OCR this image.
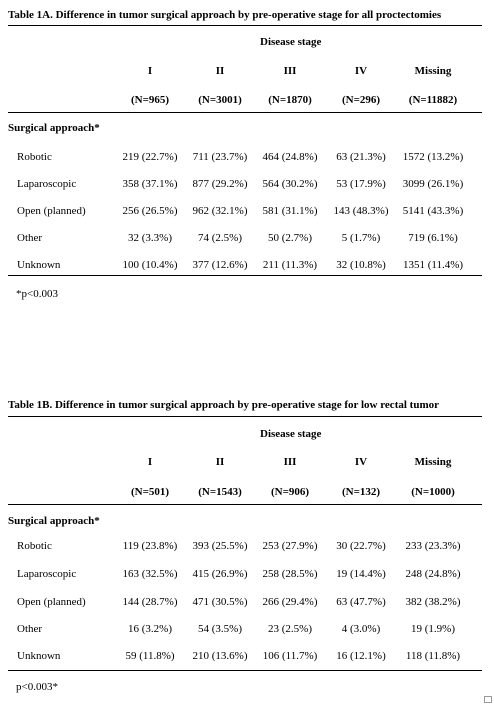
Table 1A. Difference in tumor surgical approach by pre-operative stage for all proctectomies
Disease stage
I	II	III	IV	Missing
(N=965)	(N=3001)	(N=1870)	(N=296)	(N=11882)
Surgical approach*
Robotic	219 (22.7%)	711 (23.7%)	464 (24.8%)	63 (21.3%)	1572 (13.2%)
Laparoscopic	358 (37.1%)	877 (29.2%)	564 (30.2%)	53 (17.9%)	3099 (26.1%)
Open (planned)	256 (26.5%)	962 (32.1%)	581 (31.1%)	143 (48.3%)	5141 (43.3%)
Other	32 (3.3%)	74 (2.5%)	50 (2.7%)	5 (1.7%)	719 (6.1%)
Unknown	100 (10.4%)	377 (12.6%)	211 (11.3%)	32 (10.8%)	1351 (11.4%)
*p<0.003
Table 1B. Difference in tumor surgical approach by pre-operative stage for low rectal tumor
Disease stage
I	II	III	IV	Missing
(N=501)	(N=1543)	(N=906)	(N=132)	(N=1000)
Surgical approach*
Robotic	119 (23.8%)	393 (25.5%)	253 (27.9%)	30 (22.7%)	233 (23.3%)
Laparoscopic	163 (32.5%)	415 (26.9%)	258 (28.5%)	19 (14.4%)	248 (24.8%)
Open (planned)	144 (28.7%)	471 (30.5%)	266 (29.4%)	63 (47.7%)	382 (38.2%)
Other	16 (3.2%)	54 (3.5%)	23 (2.5%)	4 (3.0%)	19 (1.9%)
Unknown	59 (11.8%)	210 (13.6%)	106 (11.7%)	16 (12.1%)	118 (11.8%)
p<0.003*
